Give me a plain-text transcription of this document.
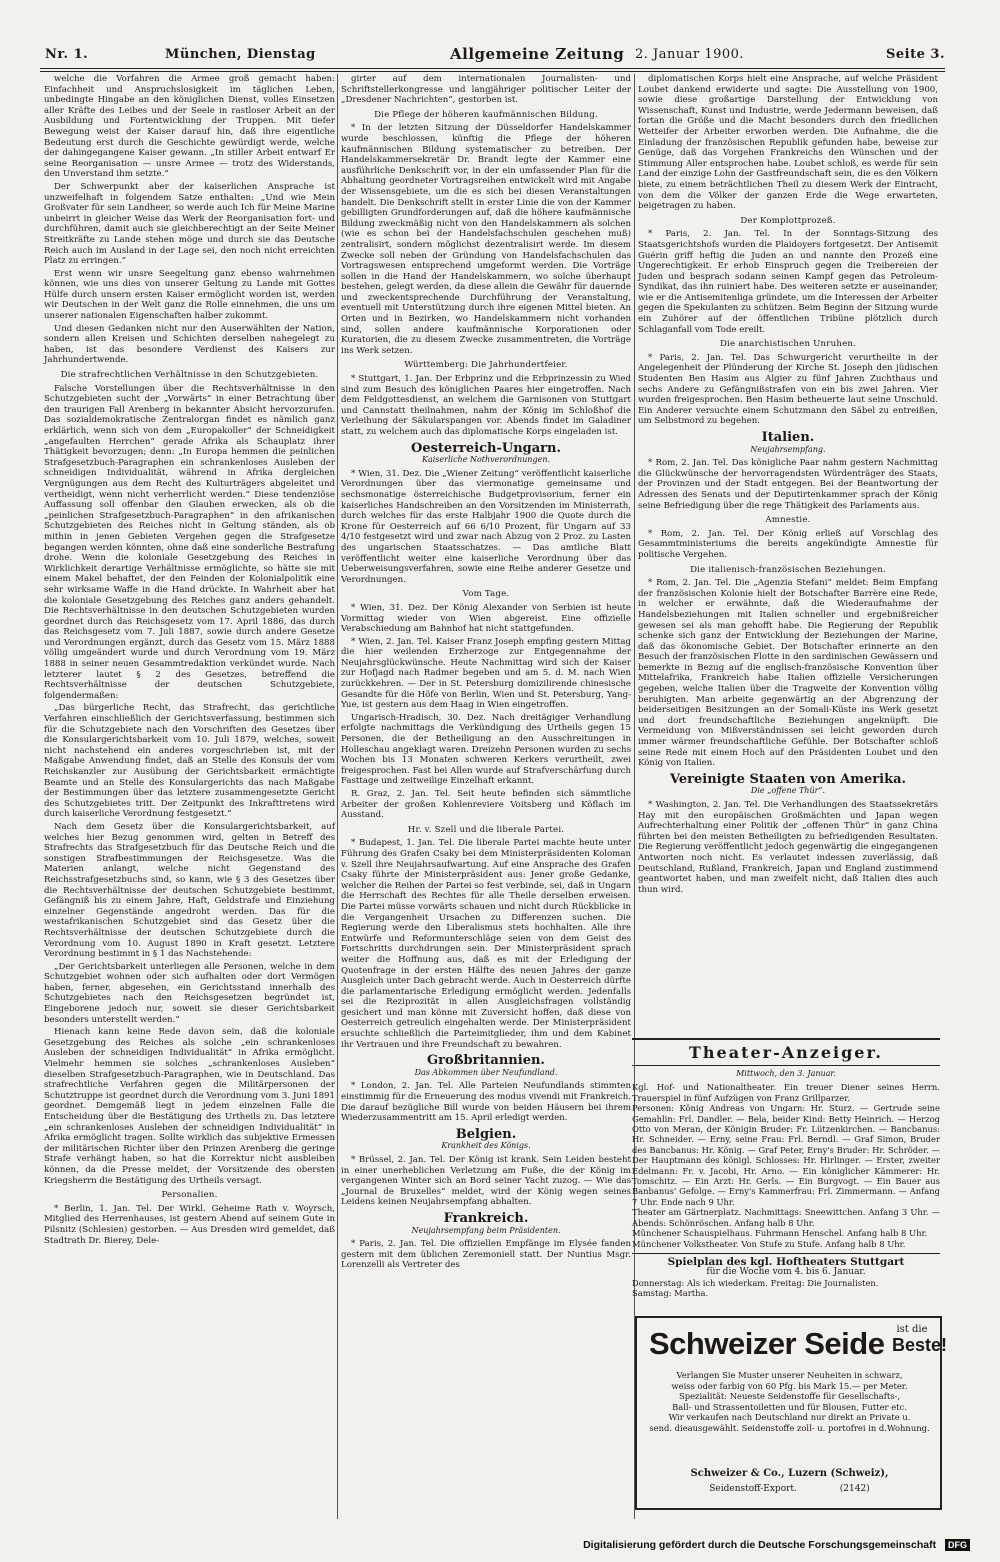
Nr. 1.	München, Dienstag	Allgemeine Zeitung 2. Januar 1900.	Seite 3.
welche die Vorfahren die Armee groß gemacht haben: Einfachheit und Anspruchslosigkeit im täglichen Leben, unbedingte Hingabe an den königlichen Dienst, volles Einsetzen aller Kräfte des Leibes und der Seele in rastloser Arbeit an der Ausbildung und Fortentwicklung der Truppen. Mit tiefer Bewegung weist der Kaiser darauf hin, daß ihre eigentliche Bedeutung erst durch die Geschichte gewürdigt werde, welche der dahingegangene Kaiser gewann. „In stiller Arbeit entwarf Er seine Reorganisation — unsre Armee — trotz des Widerstands, den Unverstand ihm setzte.“
Der Schwerpunkt aber der kaiserlichen Ansprache ist unzweifelhaft in folgendem Satze enthalten: „Und wie Mein Großvater für sein Landheer, so werde auch Ich für Meine Marine unbeirrt in gleicher Weise das Werk der Reorganisation fort- und durchführen, damit auch sie gleichberechtigt an der Seite Meiner Streitkräfte zu Lande stehen möge und durch sie das Deutsche Reich auch im Ausland in der Lage sei, den noch nicht erreichten Platz zu erringen.“
Erst wenn wir unsre Seegeltung ganz ebenso wahrnehmen können, wie uns dies von unserer Geltung zu Lande mit Gottes Hülfe durch unsern ersten Kaiser ermöglicht worden ist, werden wir Deutschen in der Welt ganz die Rolle einnehmen, die uns um unserer nationalen Eigenschaften halber zukommt.
Und diesen Gedanken nicht nur den Auserwählten der Nation, sondern allen Kreisen und Schichten derselben nahegelegt zu haben, ist das besondere Verdienst des Kaisers zur Jahrhundertwende.
Die strafrechtlichen Verhältnisse in den Schutzgebieten.
Falsche Vorstellungen über die Rechtsverhältnisse in den Schutzgebieten sucht der „Vorwärts“ in einer Betrachtung über den traurigen Fall Arenberg in bekannter Absicht hervorzurufen. Das sozialdemokratische Zentralorgan findet es nämlich ganz erklärlich, wenn sich von dem „Europakoller“ der Schneidigkeit „angefaulten Herrchen“ gerade Afrika als Schauplatz ihrer Thätigkeit bevorzugen; denn: „In Europa hemmen die peinlichen Strafgesetzbuch-Paragraphen ein schrankenloses Ausleben der schneidigen Individualität, während in Afrika dergleichen Vergnügungen aus dem Recht des Kulturträgers abgeleitet und vertheidigt, wenn nicht verherrlicht werden.“ Diese tendenziöse Auffassung soll offenbar den Glauben erwecken, als ob die „peinlichen Strafgesetzbuch-Paragraphen“ in den afrikanischen Schutzgebieten des Reiches nicht in Geltung ständen, als ob mithin in jenen Gebieten Vergehen gegen die Strafgesetze begangen werden könnten, ohne daß eine sonderliche Bestrafung drohe. Wenn die koloniale Gesetzgebung des Reiches in Wirklichkeit derartige Verhältnisse ermöglichte, so hätte sie mit einem Makel behaftet, der den Feinden der Kolonialpolitik eine sehr wirksame Waffe in die Hand drückte. In Wahrheit aber hat die koloniale Gesetzgebung des Reiches ganz anders gehandelt. Die Rechtsverhältnisse in den deutschen Schutzgebieten wurden geordnet durch das Reichsgesetz vom 17. April 1886, das durch das Reichsgesetz vom 7. Juli 1887, sowie durch andere Gesetze und Verordnungen ergänzt, durch das Gesetz vom 15. März 1888 völlig umgeändert wurde und durch Verordnung vom 19. März 1888 in seiner neuen Gesammtredaktion verkündet wurde. Nach letzterer lautet § 2 des Gesetzes, betreffend die Rechtsverhältnisse der deutschen Schutzgebiete, folgendermaßen:
„Das bürgerliche Recht, das Strafrecht, das gerichtliche Verfahren einschließlich der Gerichtsverfassung, bestimmen sich für die Schutzgebiete nach den Vorschriften des Gesetzes über die Konsulargerichtsbarkeit vom 10. Juli 1879, welches, soweit nicht nachstehend ein anderes vorgeschrieben ist, mit der Maßgabe Anwendung findet, daß an Stelle des Konsuls der vom Reichskanzler zur Ausübung der Gerichtsbarkeit ermächtigte Beamte und an Stelle des Konsulargerichts das nach Maßgabe der Bestimmungen über das letztere zusammengesetzte Gericht des Schutzgebietes tritt. Der Zeitpunkt des Inkrafttretens wird durch kaiserliche Verordnung festgesetzt.“
Nach dem Gesetz über die Konsulargerichtsbarkeit, auf welches hier Bezug genommen wird, gelten in Betreff des Strafrechts das Strafgesetzbuch für das Deutsche Reich und die sonstigen Strafbestimmungen der Reichsgesetze. Was die Materien anlangt, welche nicht Gegenstand des Reichsstrafgesetzbuchs sind, so kann, wie § 3 des Gesetzes über die Rechtsverhältnisse der deutschen Schutzgebiete bestimmt, Gefängniß bis zu einem Jahre, Haft, Geldstrafe und Einziehung einzelner Gegenstände angedroht werden. Das für die westafrikanischen Schutzgebiet sind das Gesetz über die Rechtsverhältnisse der deutschen Schutzgebiete durch die Verordnung vom 10. August 1890 in Kraft gesetzt. Letztere Verordnung bestimmt in § 1 das Nachstehende:
„Der Gerichtsbarkeit unterliegen alle Personen, welche in dem Schutzgebiet wohnen oder sich aufhalten oder dort Vermögen haben, ferner, abgesehen, ein Gerichtsstand innerhalb des Schutzgebietes nach den Reichsgesetzen begründet ist, Eingeborene jedoch nur, soweit sie dieser Gerichtsbarkeit besonders unterstellt werden.“
Hienach kann keine Rede davon sein, daß die koloniale Gesetzgebung des Reiches als solche „ein schrankenloses Ausleben der schneidigen Individualität“ in Afrika ermöglicht. Vielmehr hemmen sie solches „schrankenloses Ausleben“ dieselben Strafgesetzbuch-Paragraphen, wie in Deutschland. Das strafrechtliche Verfahren gegen die Militärpersonen der Schutztruppe ist geordnet durch die Verordnung vom 3. Juni 1891 geordnet. Demgemäß liegt in jedem einzelnen Falle die Entscheidung über die Bestätigung des Urtheils zu. Das letztere „ein schrankenloses Ausleben der schneidigen Individualität“ in Afrika ermöglicht tragen. Sollte wirklich das subjektive Ermessen der militärischen Richter über den Prinzen Arenberg die geringe Strafe verhängt haben, so hat die Korrektur nicht ausbleiben können, da die Presse meldet, der Vorsitzende des obersten Kriegsherrn die Bestätigung des Urtheils versagt.
Personalien.
* Berlin, 1. Jan. Tel. Der Wirkl. Geheime Rath v. Woyrsch, Mitglied des Herrenhauses, ist gestern Abend auf seinem Gute in Pilsnitz (Schlesien) gestorben. — Aus Dresden wird gemeldet, daß Stadtrath Dr. Bierey, Dele-
girter auf dem internationalen Journalisten- und Schriftstellerkongresse und langjähriger politischer Leiter der „Dresdener Nachrichten“, gestorben ist.
Die Pflege der höheren kaufmännischen Bildung.
* In der letzten Sitzung der Düsseldorfer Handelskammer wurde beschlossen, künftig die Pflege der höheren kaufmännischen Bildung systematischer zu betreiben. Der Handelskammersekretär Dr. Brandt legte der Kammer eine ausführliche Denkschrift vor, in der ein umfassender Plan für die Abhaltung geordneter Vortragsreihen entwickelt wird mit Angabe der Wissensgebiete, um die es sich bei diesen Veranstaltungen handelt. Die Denkschrift stellt in erster Linie die von der Kammer gebilligten Grundforderungen auf, daß die höhere kaufmännische Bildung zweckmäßig nicht von den Handelskammern als solchen (wie es schon bei der Handelsfachschulen geschehen muß) zentralisirt, sondern möglichst dezentralisirt werde. Im diesem Zwecke soll neben der Gründung von Handelsfachschulen das Vortragswesen entsprechend umgeformt werden. Die Vorträge sollen in die Hand der Handelskammern, wo solche überhaupt bestehen, gelegt werden, da diese allein die Gewähr für dauernde und zweckentsprechende Durchführung der Veranstaltung, eventuell mit Unterstützung durch ihre eigenen Mittel bieten. An Orten und in Bezirken, wo Handelskammern nicht vorhanden sind, sollen andere kaufmännische Korporationen oder Kuratorien, die zu diesem Zwecke zusammentreten, die Vorträge ins Werk setzen.
Württemberg: Die Jahrhundertfeier.
* Stuttgart, 1. Jan. Der Erbprinz und die Erbprinzessin zu Wied sind zum Besuch des königlichen Paares hier eingetroffen. Nach dem Feldgottesdienst, an welchem die Garnisonen von Stuttgart und Cannstatt theilnahmen, nahm der König im Schloßhof die Verleihung der Säkularspangen vor. Abends findet im Galadiner statt, zu welchem auch das diplomatische Korps eingeladen ist.
Oesterreich-Ungarn.
Kaiserliche Nothverordnungen.
* Wien, 31. Dez. Die „Wiener Zeitung“ veröffentlicht kaiserliche Verordnungen über das viermonatige gemeinsame und sechsmonatige österreichische Budgetprovisorium, ferner ein kaiserliches Handschreiben an den Vorsitzenden im Ministerrath, durch welches für das erste Halbjahr 1900 die Quote durch die Krone für Oesterreich auf 66 6/10 Prozent, für Ungarn auf 33 4/10 festgesetzt wird und zwar nach Abzug von 2 Proz. zu Lasten des ungarischen Staatsschatzes. — Das amtliche Blatt veröffentlicht weiter eine kaiserliche Verordnung über das Ueberweisungsverfahren, sowie eine Reihe anderer Gesetze und Verordnungen.
Vom Tage.
* Wien, 31. Dez. Der König Alexander von Serbien ist heute Vormittag wieder von Wien abgereist. Eine offizielle Verabschiedung am Bahnhof hat nicht stattgefunden.
* Wien, 2. Jan. Tel. Kaiser Franz Joseph empfing gestern Mittag die hier weilenden Erzherzoge zur Entgegennahme der Neujahrsglückwünsche. Heute Nachmittag wird sich der Kaiser zur Hofjagd nach Radmer begeben und am 5. d. M. nach Wien zurückkehren. — Der in St. Petersburg domizilirende chinesische Gesandte für die Höfe von Berlin, Wien und St. Petersburg, Yang-Yue, ist gestern aus dem Haag in Wien eingetroffen.
Ungarisch-Hradisch, 30. Dez. Nach dreitägiger Verhandlung erfolgte nachmittags die Verkündigung des Urtheils gegen 15 Personen, die der Betheiligung an den Ausschreitungen in Holleschau angeklagt waren. Dreizehn Personen wurden zu sechs Wochen bis 13 Monaten schweren Kerkers verurtheilt, zwei freigesprochen. Fast bei Allen wurde auf Strafverschärfung durch Fasttage und zeitweilige Einzelhaft erkannt.
R. Graz, 2. Jan. Tel. Seit heute befinden sich sämmtliche Arbeiter der großen Kohlenreviere Voitsberg und Köflach im Ausstand.
Hr. v. Szell und die liberale Partei.
* Budapest, 1. Jan. Tel. Die liberale Partei machte heute unter Führung des Grafen Csaky bei dem Ministerpräsidenten Koloman v. Szell ihre Neujahrsaufwartung. Auf eine Ansprache des Grafen Csaky führte der Ministerpräsident aus: Jener große Gedanke, welcher die Reihen der Partei so fest verbinde, sei, daß in Ungarn die Herrschaft des Rechtes für alle Theile derselben erweisen. Die Partei müsse vorwärts schauen und nicht durch Rückblicke in die Vergangenheit Ursachen zu Differenzen suchen. Die Regierung werde den Liberalismus stets hochhalten. Alle ihre Entwürfe und Reformunterschläge seien von dem Geist des Fortschritts durchdrungen sein. Der Ministerpräsident sprach weiter die Hoffnung aus, daß es mit der Erledigung der Quotenfrage in der ersten Hälfte des neuen Jahres der ganze Ausgleich unter Dach gebracht werde. Auch in Oesterreich dürfte die parlamentarische Erledigung ermöglicht werden. Jedenfalls sei die Reziprozität in allen Ausgleichsfragen vollständig gesichert und man könne mit Zuversicht hoffen, daß diese von Oesterreich getreulich eingehalten werde. Der Ministerpräsident ersuchte schließlich die Parteimitglieder, ihm und dem Kabinet ihr Vertrauen und ihre Freundschaft zu bewahren.
Großbritannien.
Das Abkommen über Neufundland.
* London, 2. Jan. Tel. Alle Parteien Neufundlands stimmten einstimmig für die Erneuerung des modus vivendi mit Frankreich. Die darauf bezügliche Bill wurde von beiden Häusern bei ihrem Wiederzusammentritt am 15. April erledigt werden.
Belgien.
Krankheit des Königs.
* Brüssel, 2. Jan. Tel. Der König ist krank. Sein Leiden besteht in einer unerheblichen Verletzung am Fuße, die der König im vergangenen Winter sich an Bord seiner Yacht zuzog. — Wie das „Journal de Bruxelles“ meldet, wird der König wegen seines Leidens keinen Neujahrsempfang abhalten.
Frankreich.
Neujahrsempfang beim Präsidenten.
* Paris, 2. Jan. Tel. Die offiziellen Empfänge im Elysée fanden gestern mit dem üblichen Zeremoniell statt. Der Nuntius Msgr. Lorenzelli als Vertreter des
diplomatischen Korps hielt eine Ansprache, auf welche Präsident Loubet dankend erwiderte und sagte: Die Ausstellung von 1900, sowie diese großartige Darstellung der Entwicklung von Wissenschaft, Kunst und Industrie, werde Jedermann beweisen, daß fortan die Größe und die Macht besonders durch den friedlichen Wetteifer der Arbeiter erworben werden. Die Aufnahme, die die Einladung der französischen Republik gefunden habe, beweise zur Genüge, daß das Vorgehen Frankreichs den Wünschen und der Stimmung Aller entsprochen habe. Loubet schloß, es werde für sein Land der einzige Lohn der Gastfreundschaft sein, die es den Völkern biete, zu einem beträchtlichen Theil zu diesem Werk der Eintracht, von dem die Völker der ganzen Erde die Wege erwarteten, beigetragen zu haben.
Der Komplottprozeß.
* Paris, 2. Jan. Tel. In der Sonntags-Sitzung des Staatsgerichtshofs wurden die Plaidoyers fortgesetzt. Der Antisemit Guérin griff heftig die Juden an und nannte den Prozeß eine Ungerechtigkeit. Er erhob Einspruch gegen die Treibereien der Juden und besprach sodann seinen Kampf gegen das Petroleum-Syndikat, das ihn ruiniert habe. Des weiteren setzte er auseinander, wie er die Antisemitenliga gründete, um die Interessen der Arbeiter gegen die Spekulanten zu schützen. Beim Beginn der Sitzung wurde ein Zuhörer auf der öffentlichen Tribüne plötzlich durch Schlaganfall vom Tode ereilt.
Die anarchistischen Unruhen.
* Paris, 2. Jan. Tel. Das Schwurgericht verurtheilte in der Angelegenheit der Plünderung der Kirche St. Joseph den jüdischen Studenten Ben Hasim aus Algier zu fünf Jahren Zuchthaus und sechs Andere zu Gefängnißstrafen von ein bis zwei Jahren. Vier wurden freigesprochen. Ben Hasim betheuerte laut seine Unschuld. Ein Anderer versuchte einem Schutzmann den Säbel zu entreißen, um Selbstmord zu begehen.
Italien.
Neujahrsempfang.
* Rom, 2. Jan. Tel. Das königliche Paar nahm gestern Nachmittag die Glückwünsche der hervorragendsten Würdenträger des Staats, der Provinzen und der Stadt entgegen. Bei der Beantwortung der Adressen des Senats und der Deputirtenkammer sprach der König seine Befriedigung über die rege Thätigkeit des Parlaments aus.
Amnestie.
* Rom, 2. Jan. Tel. Der König erließ auf Vorschlag des Gesammtministeriums die bereits angekündigte Amnestie für politische Vergehen.
Die italienisch-französischen Beziehungen.
* Rom, 2. Jan. Tel. Die „Agenzia Stefani“ meldet: Beim Empfang der französischen Kolonie hielt der Botschafter Barrère eine Rede, in welcher er erwähnte, daß die Wiederaufnahme der Handelsbeziehungen mit Italien schneller und ergebnißreicher gewesen sei als man gehofft habe. Die Regierung der Republik schenke sich ganz der Entwicklung der Beziehungen der Marine, daß das ökonomische Gebiet. Der Botschafter erinnerte an den Besuch der französischen Flotte in den sardinischen Gewässern und bemerkte in Bezug auf die englisch-französische Konvention über Mittelafrika, Frankreich habe Italien offizielle Versicherungen gegeben, welche Italien über die Tragweite der Konvention völlig beruhigten. Man arbeite gegenwärtig an der Abgrenzung der beiderseitigen Besitzungen an der Somali-Küste ins Werk gesetzt und dort freundschaftliche Beziehungen angeknüpft. Die Vermeidung von Mißverständnissen sei leicht geworden durch immer wärmer freundschaftliche Gefühle. Der Botschafter schloß seine Rede mit einem Hoch auf den Präsidenten Loubet und den König von Italien.
Vereinigte Staaten von Amerika.
Die „offene Thür“.
* Washington, 2. Jan. Tel. Die Verhandlungen des Staatssekretärs Hay mit den europäischen Großmächten und Japan wegen Aufrechterhaltung einer Politik der „offenen Thür“ in ganz China führten bei den meisten Betheiligten zu befriedigenden Resultaten. Die Regierung veröffentlicht jedoch gegenwärtig die eingegangenen Antworten noch nicht. Es verlautet indessen zuverlässig, daß Deutschland, Rußland, Frankreich, Japan und England zustimmend geantwortet haben, und man zweifelt nicht, daß Italien dies auch thun wird.
Theater-Anzeiger.
Mittwoch, den 3. Januar.

Kgl. Hof- und Nationaltheater. Ein treuer Diener seines Herrn. Trauerspiel in fünf Aufzügen von Franz Grillparzer.

Personen: König Andreas von Ungarn: Hr. Sturz. — Gertrude seine Gemahlin: Frl. Dandler. — Bela, beider Kind: Betty Heinrich. — Herzog Otto von Meran, der Königin Bruder: Fr. Lützenkirchen. — Bancbanus: Hr. Schneider. — Erny, seine Frau: Frl. Berndl. — Graf Simon, Bruder des Bancbanus: Hr. König. — Graf Peter, Erny's Bruder: Hr. Schröder. — Der Hauptmann des königl. Schlosses: Hr. Hirlinger. — Erster, zweiter Edelmann: Fr. v. Jacobi, Hr. Arno. — Ein königlicher Kämmerer: Hr. Tomschitz. — Ein Arzt: Hr. Gerls. — Ein Burgvogt. — Ein Bauer aus Banbanus' Gefolge. — Erny's Kammerfrau: Frl. Zimmermann. — Anfang 7 Uhr. Ende nach 9 Uhr.

Theater am Gärtnerplatz. Nachmittags: Sneewittchen. Anfang 3 Uhr. — Abends: Schönröschen. Anfang halb 8 Uhr.

Münchener Schauspielhaus. Fuhrmann Henschel. Anfang halb 8 Uhr.

Münchener Volkstheater. Von Stufe zu Stufe. Anfang halb 8 Uhr.

Spielplan des kgl. Hoftheaters Stuttgart
für die Woche vom 4. bis 6. Januar.

Donnerstag: Als ich wiederkam. Freitag: Die Journalisten.

Samstag: Martha.

Schweizer Seide	ist die
Beste!
Verlangen Sie Muster unserer Neuheiten in schwarz,
weiss oder farbig von 60 Pfg. bis Mark 15.— per Meter.
Spezialität: Neueste Seidenstoffe für Gesellschafts-,
Ball- und Strassentoiletten und für Blousen, Futter etc.
Wir verkaufen nach Deutschland nur direkt an Private u.
send. dieausgewählt. Seidenstoffe zoll- u. portofrei in d.Wohnung.
Schweizer & Co., Luzern (Schweiz),
Seidenstoff-Export.	(2142)
Digitalisierung gefördert durch die Deutsche Forschungsgemeinschaft DFG
